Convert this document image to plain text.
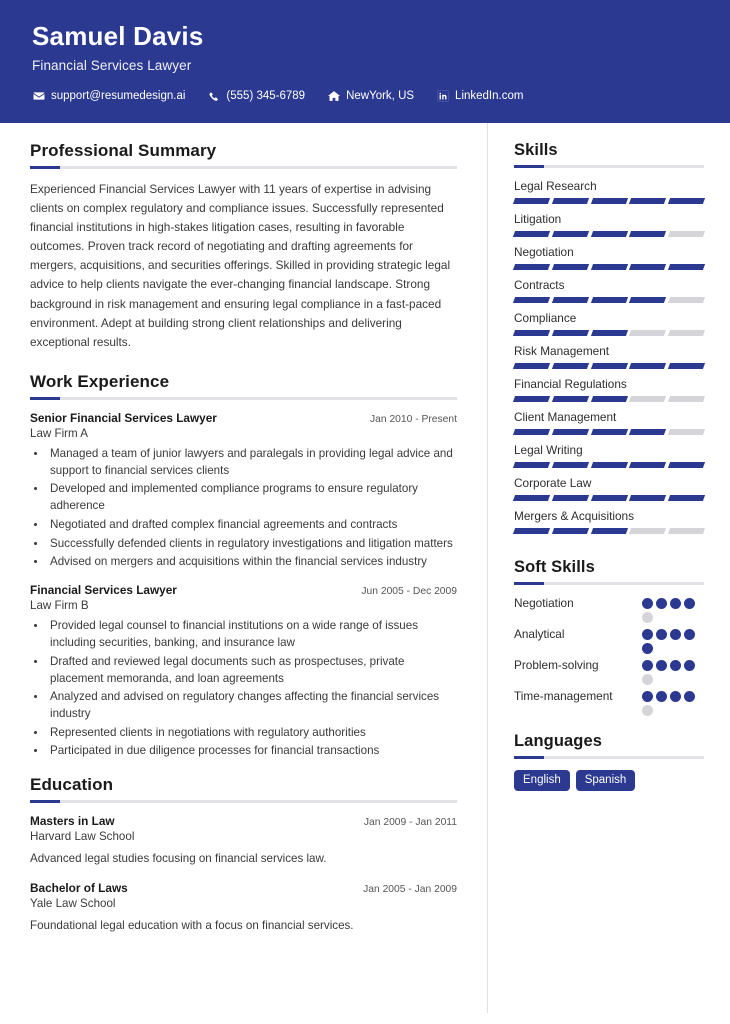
Samuel Davis
Financial Services Lawyer
support@resumedesign.ai	(555) 345-6789	NewYork, US	LinkedIn.com
Professional Summary
Experienced Financial Services Lawyer with 11 years of expertise in advising clients on complex regulatory and compliance issues. Successfully represented financial institutions in high-stakes litigation cases, resulting in favorable outcomes. Proven track record of negotiating and drafting agreements for mergers, acquisitions, and securities offerings. Skilled in providing strategic legal advice to help clients navigate the ever-changing financial landscape. Strong background in risk management and ensuring legal compliance in a fast-paced environment. Adept at building strong client relationships and delivering exceptional results.
Work Experience
Senior Financial Services Lawyer	Jan 2010 - Present
Law Firm A
• Managed a team of junior lawyers and paralegals in providing legal advice and support to financial services clients
• Developed and implemented compliance programs to ensure regulatory adherence
• Negotiated and drafted complex financial agreements and contracts
• Successfully defended clients in regulatory investigations and litigation matters
• Advised on mergers and acquisitions within the financial services industry
Financial Services Lawyer	Jun 2005 - Dec 2009
Law Firm B
• Provided legal counsel to financial institutions on a wide range of issues including securities, banking, and insurance law
• Drafted and reviewed legal documents such as prospectuses, private placement memoranda, and loan agreements
• Analyzed and advised on regulatory changes affecting the financial services industry
• Represented clients in negotiations with regulatory authorities
• Participated in due diligence processes for financial transactions
Education
Masters in Law	Jan 2009 - Jan 2011
Harvard Law School
Advanced legal studies focusing on financial services law.
Bachelor of Laws	Jan 2005 - Jan 2009
Yale Law School
Foundational legal education with a focus on financial services.
Skills
Legal Research
Litigation
Negotiation
Contracts
Compliance
Risk Management
Financial Regulations
Client Management
Legal Writing
Corporate Law
Mergers & Acquisitions
Soft Skills
Negotiation
Analytical
Problem-solving
Time-management
Languages
English	Spanish
